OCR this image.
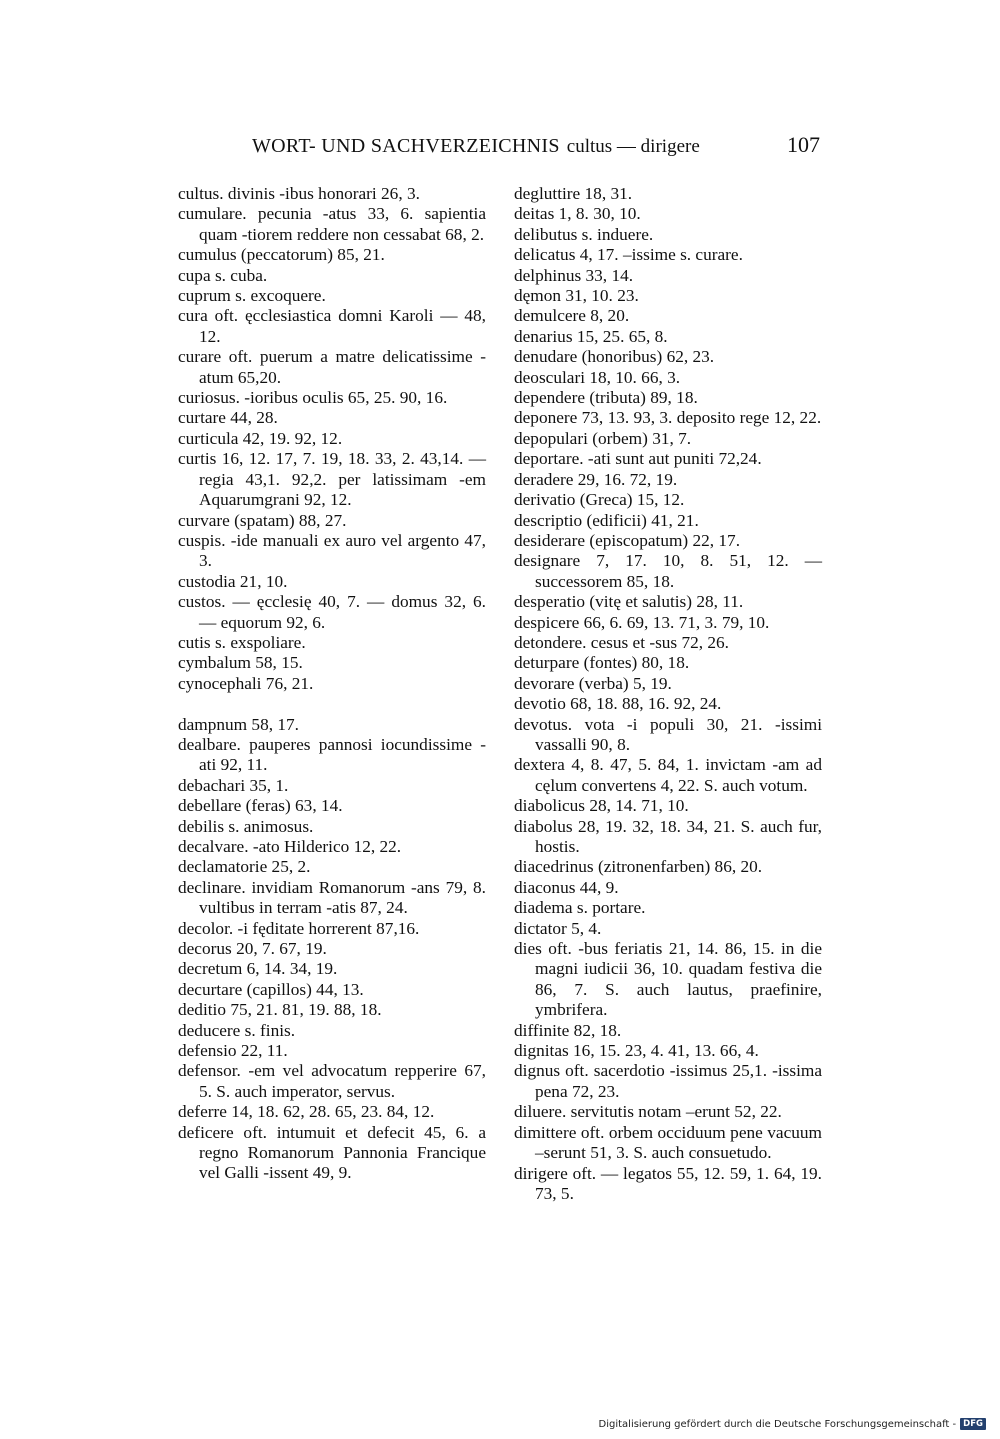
WORT- UND SACHVERZEICHNIS cultus — dirigere	107
cultus. divinis -ibus honorari 26, 3.
cumulare. pecunia -atus 33, 6. sapientia quam -tiorem reddere non cessabat 68, 2.
cumulus (peccatorum) 85, 21.
cupa s. cuba.
cuprum s. excoquere.
cura oft. ęcclesiastica domni Karoli — 48, 12.
curare oft. puerum a matre delicatissime -atum 65,20.
curiosus. -ioribus oculis 65, 25. 90, 16.
curtare 44, 28.
curticula 42, 19. 92, 12.
curtis 16, 12. 17, 7. 19, 18. 33, 2. 43,14. — regia 43,1. 92,2. per latissimam -em Aquarumgrani 92, 12.
curvare (spatam) 88, 27.
cuspis. -ide manuali ex auro vel argento 47, 3.
custodia 21, 10.
custos. — ęcclesię 40, 7. — domus 32, 6. — equorum 92, 6.
cutis s. exspoliare.
cymbalum 58, 15.
cynocephali 76, 21.
dampnum 58, 17.
dealbare. pauperes pannosi iocundissime -ati 92, 11.
debachari 35, 1.
debellare (feras) 63, 14.
debilis s. animosus.
decalvare. -ato Hilderico 12, 22.
declamatorie 25, 2.
declinare. invidiam Romanorum -ans 79, 8. vultibus in terram -atis 87, 24.
decolor. -i fęditate horrerent 87,16.
decorus 20, 7. 67, 19.
decretum 6, 14. 34, 19.
decurtare (capillos) 44, 13.
deditio 75, 21. 81, 19. 88, 18.
deducere s. finis.
defensio 22, 11.
defensor. -em vel advocatum repperire 67, 5. S. auch imperator, servus.
deferre 14, 18. 62, 28. 65, 23. 84, 12.
deficere oft. intumuit et defecit 45, 6. a regno Romanorum Pannonia Francique vel Galli -issent 49, 9.
degluttire 18, 31.
deitas 1, 8. 30, 10.
delibutus s. induere.
delicatus 4, 17. –issime s. curare.
delphinus 33, 14.
dęmon 31, 10. 23.
demulcere 8, 20.
denarius 15, 25. 65, 8.
denudare (honoribus) 62, 23.
deosculari 18, 10. 66, 3.
dependere (tributa) 89, 18.
deponere 73, 13. 93, 3. deposito rege 12, 22.
depopulari (orbem) 31, 7.
deportare. -ati sunt aut puniti 72,24.
deradere 29, 16. 72, 19.
derivatio (Greca) 15, 12.
descriptio (edificii) 41, 21.
desiderare (episcopatum) 22, 17.
designare 7, 17. 10, 8. 51, 12. — successorem 85, 18.
desperatio (vitę et salutis) 28, 11.
despicere 66, 6. 69, 13. 71, 3. 79, 10.
detondere. cesus et -sus 72, 26.
deturpare (fontes) 80, 18.
devorare (verba) 5, 19.
devotio 68, 18. 88, 16. 92, 24.
devotus. vota -i populi 30, 21. -issimi vassalli 90, 8.
dextera 4, 8. 47, 5. 84, 1. invictam -am ad cęlum convertens 4, 22. S. auch votum.
diabolicus 28, 14. 71, 10.
diabolus 28, 19. 32, 18. 34, 21. S. auch fur, hostis.
diacedrinus (zitronenfarben) 86, 20.
diaconus 44, 9.
diadema s. portare.
dictator 5, 4.
dies oft. -bus feriatis 21, 14. 86, 15. in die magni iudicii 36, 10. quadam festiva die 86, 7. S. auch lautus, praefinire, ymbrifera.
diffinite 82, 18.
dignitas 16, 15. 23, 4. 41, 13. 66, 4.
dignus oft. sacerdotio -issimus 25,1. -issima pena 72, 23.
diluere. servitutis notam –erunt 52, 22.
dimittere oft. orbem occiduum pene vacuum –serunt 51, 3. S. auch consuetudo.
dirigere oft. — legatos 55, 12. 59, 1. 64, 19. 73, 5.
Digitalisierung gefördert durch die Deutsche Forschungsgemeinschaft - DFG
